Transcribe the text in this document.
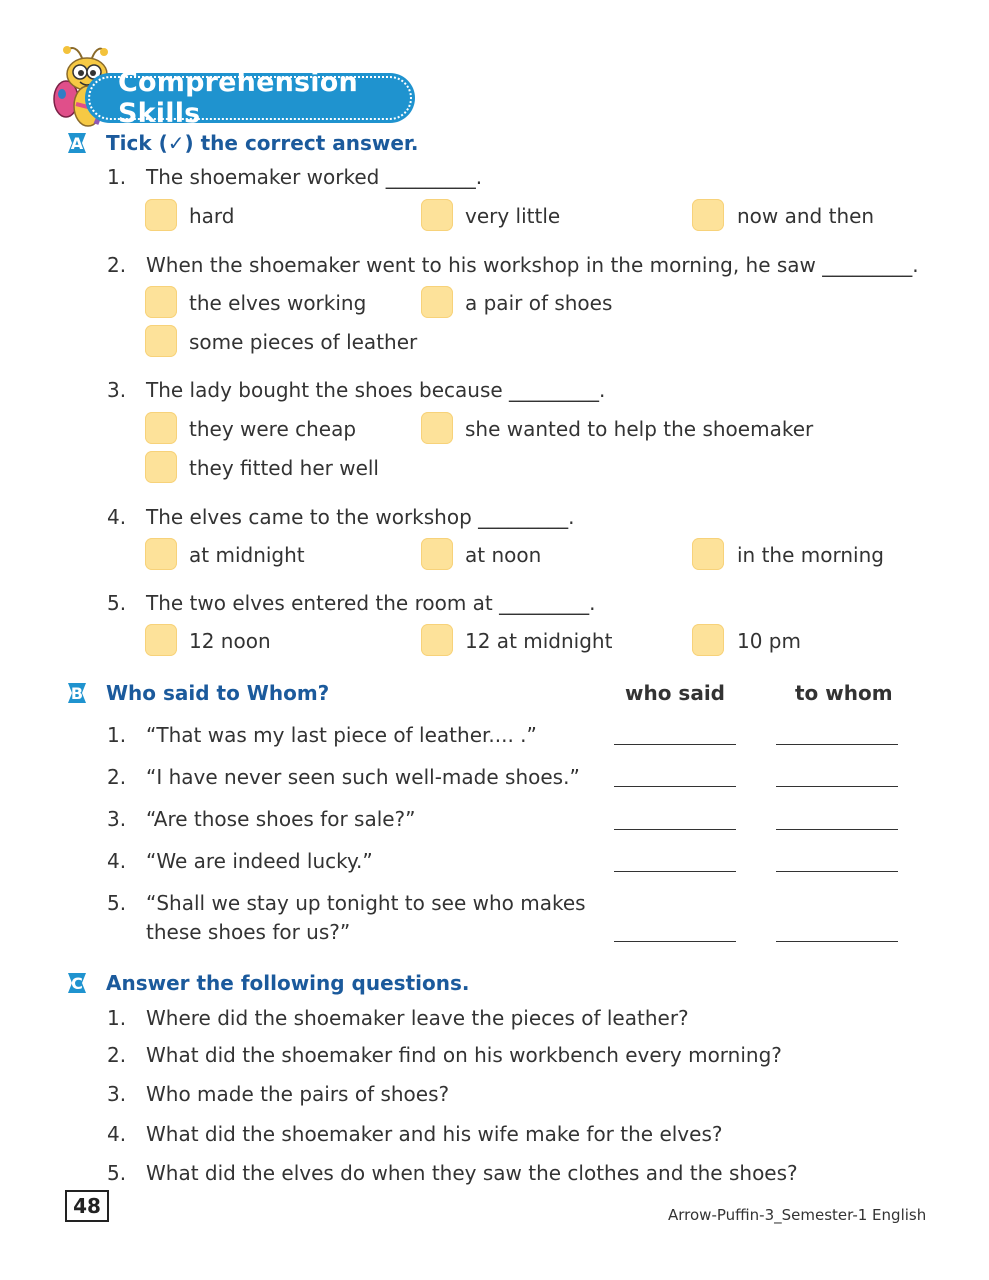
Comprehension Skills
A Tick (✓) the correct answer.
1. The shoemaker worked _________.
hard	very little	now and then
2. When the shoemaker went to his workshop in the morning, he saw _________.
the elves working	a pair of shoes
some pieces of leather
3. The lady bought the shoes because _________.
they were cheap	she wanted to help the shoemaker
they fitted her well
4. The elves came to the workshop _________.
at midnight	at noon	in the morning
5. The two elves entered the room at _________.
12 noon	12 at midnight	10 pm
B Who said to Whom?	who said	to whom
1. “That was my last piece of leather.... .”
2. “I have never seen such well-made shoes.”
3. “Are those shoes for sale?”
4. “We are indeed lucky.”
5. “Shall we stay up tonight to see who makes
these shoes for us?”
C Answer the following questions.
1. Where did the shoemaker leave the pieces of leather?
2. What did the shoemaker find on his workbench every morning?
3. Who made the pairs of shoes?
4. What did the shoemaker and his wife make for the elves?
5. What did the elves do when they saw the clothes and the shoes?
48	Arrow-Puffin-3_Semester-1 English
